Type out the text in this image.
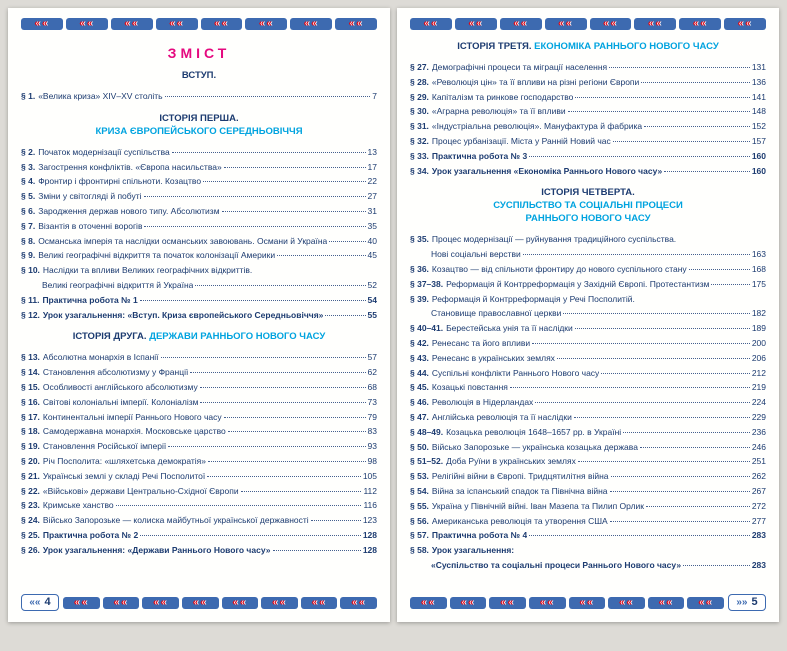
««	««	««	««	««	««	««	««
ЗМІСТ
ВСТУП.
§ 1. «Велика криза» XIV–XV століть	7
ІСТОРІЯ ПЕРША.
КРИЗА ЄВРОПЕЙСЬКОГО СЕРЕДНЬОВІЧЧЯ
§ 2. Початок модернізації суспільства	13
§ 3. Загострення конфліктів. «Європа насильства»	17
§ 4. Фронтир і фронтирні спільноти. Козацтво	22
§ 5. Зміни у світогляді й побуті	27
§ 6. Зародження держав нового типу. Абсолютизм	31
§ 7. Візантія в оточенні ворогів	35
§ 8. Османська імперія та наслідки османських завоювань. Османи й Україна	40
§ 9. Великі географічні відкриття та початок колонізації Америки	45
§ 10. Наслідки та впливи Великих географічних відкриттів.
Великі географічні відкриття й Україна	52
§ 11. Практична робота № 1	54
§ 12. Урок узагальнення: «Вступ. Криза європейського Середньовіччя»	55
ІСТОРІЯ ДРУГА. ДЕРЖАВИ РАННЬОГО НОВОГО ЧАСУ
§ 13. Абсолютна монархія в Іспанії	57
§ 14. Становлення абсолютизму у Франції	62
§ 15. Особливості англійського абсолютизму	68
§ 16. Світові колоніальні імперії. Колоніалізм	73
§ 17. Континентальні імперії Раннього Нового часу	79
§ 18. Самодержавна монархія. Московське царство	83
§ 19. Становлення Російської імперії	93
§ 20. Річ Посполита: «шляхетська демократія»	98
§ 21. Українські землі у складі Речі Посполитої	105
§ 22. «Військові» держави Центрально-Східної Європи	112
§ 23. Кримське ханство	116
§ 24. Військо Запорозьке — колиска майбутньої української державності	123
§ 25. Практична робота № 2	128
§ 26. Урок узагальнення: «Держави Раннього Нового часу»	128
«« 4 «« «« «« «« «« «« «« ««
««	««	««	««	««	««	««	««
ІСТОРІЯ ТРЕТЯ. ЕКОНОМІКА РАННЬОГО НОВОГО ЧАСУ
§ 27. Демографічні процеси та міграції населення	131
§ 28. «Революція цін» та її впливи на різні регіони Європи	136
§ 29. Капіталізм та ринкове господарство	141
§ 30. «Аграрна революція» та її впливи	148
§ 31. «Індустріальна революція». Мануфактура й фабрика	152
§ 32. Процес урбанізації. Міста у Ранній Новий час	157
§ 33. Практична робота № 3	160
§ 34. Урок узагальнення «Економіка Раннього Нового часу»	160
ІСТОРІЯ ЧЕТВЕРТА.
СУСПІЛЬСТВО ТА СОЦІАЛЬНІ ПРОЦЕСИ
РАННЬОГО НОВОГО ЧАСУ
§ 35. Процес модернізації — руйнування традиційного суспільства.
Нові соціальні верстви	163
§ 36. Козацтво — від спільноти фронтиру до нового суспільного стану	168
§ 37–38. Реформація й Контрреформація у Західній Європі. Протестантизм	175
§ 39. Реформація й Контрреформація у Речі Посполитій.
Становище православної церкви	182
§ 40–41. Берестейська унія та її наслідки	189
§ 42. Ренесанс та його впливи	200
§ 43. Ренесанс в українських землях	206
§ 44. Суспільні конфлікти Раннього Нового часу	212
§ 45. Козацькі повстання	219
§ 46. Революція в Нідерландах	224
§ 47. Англійська революція та її наслідки	229
§ 48–49. Козацька революція 1648–1657 рр. в Україні	236
§ 50. Військо Запорозьке — українська козацька держава	246
§ 51–52. Доба Руїни в українських землях	251
§ 53. Релігійні війни в Європі. Тридцятилітня війна	262
§ 54. Війна за іспанський спадок та Північна війна	267
§ 55. Україна у Північній війні. Іван Мазепа та Пилип Орлик	272
§ 56. Американська революція та утворення США	277
§ 57. Практична робота № 4	283
§ 58. Урок узагальнення:
«Суспільство та соціальні процеси Раннього Нового часу»	283
«« «« «« «« «« «« «« «« »» 5
